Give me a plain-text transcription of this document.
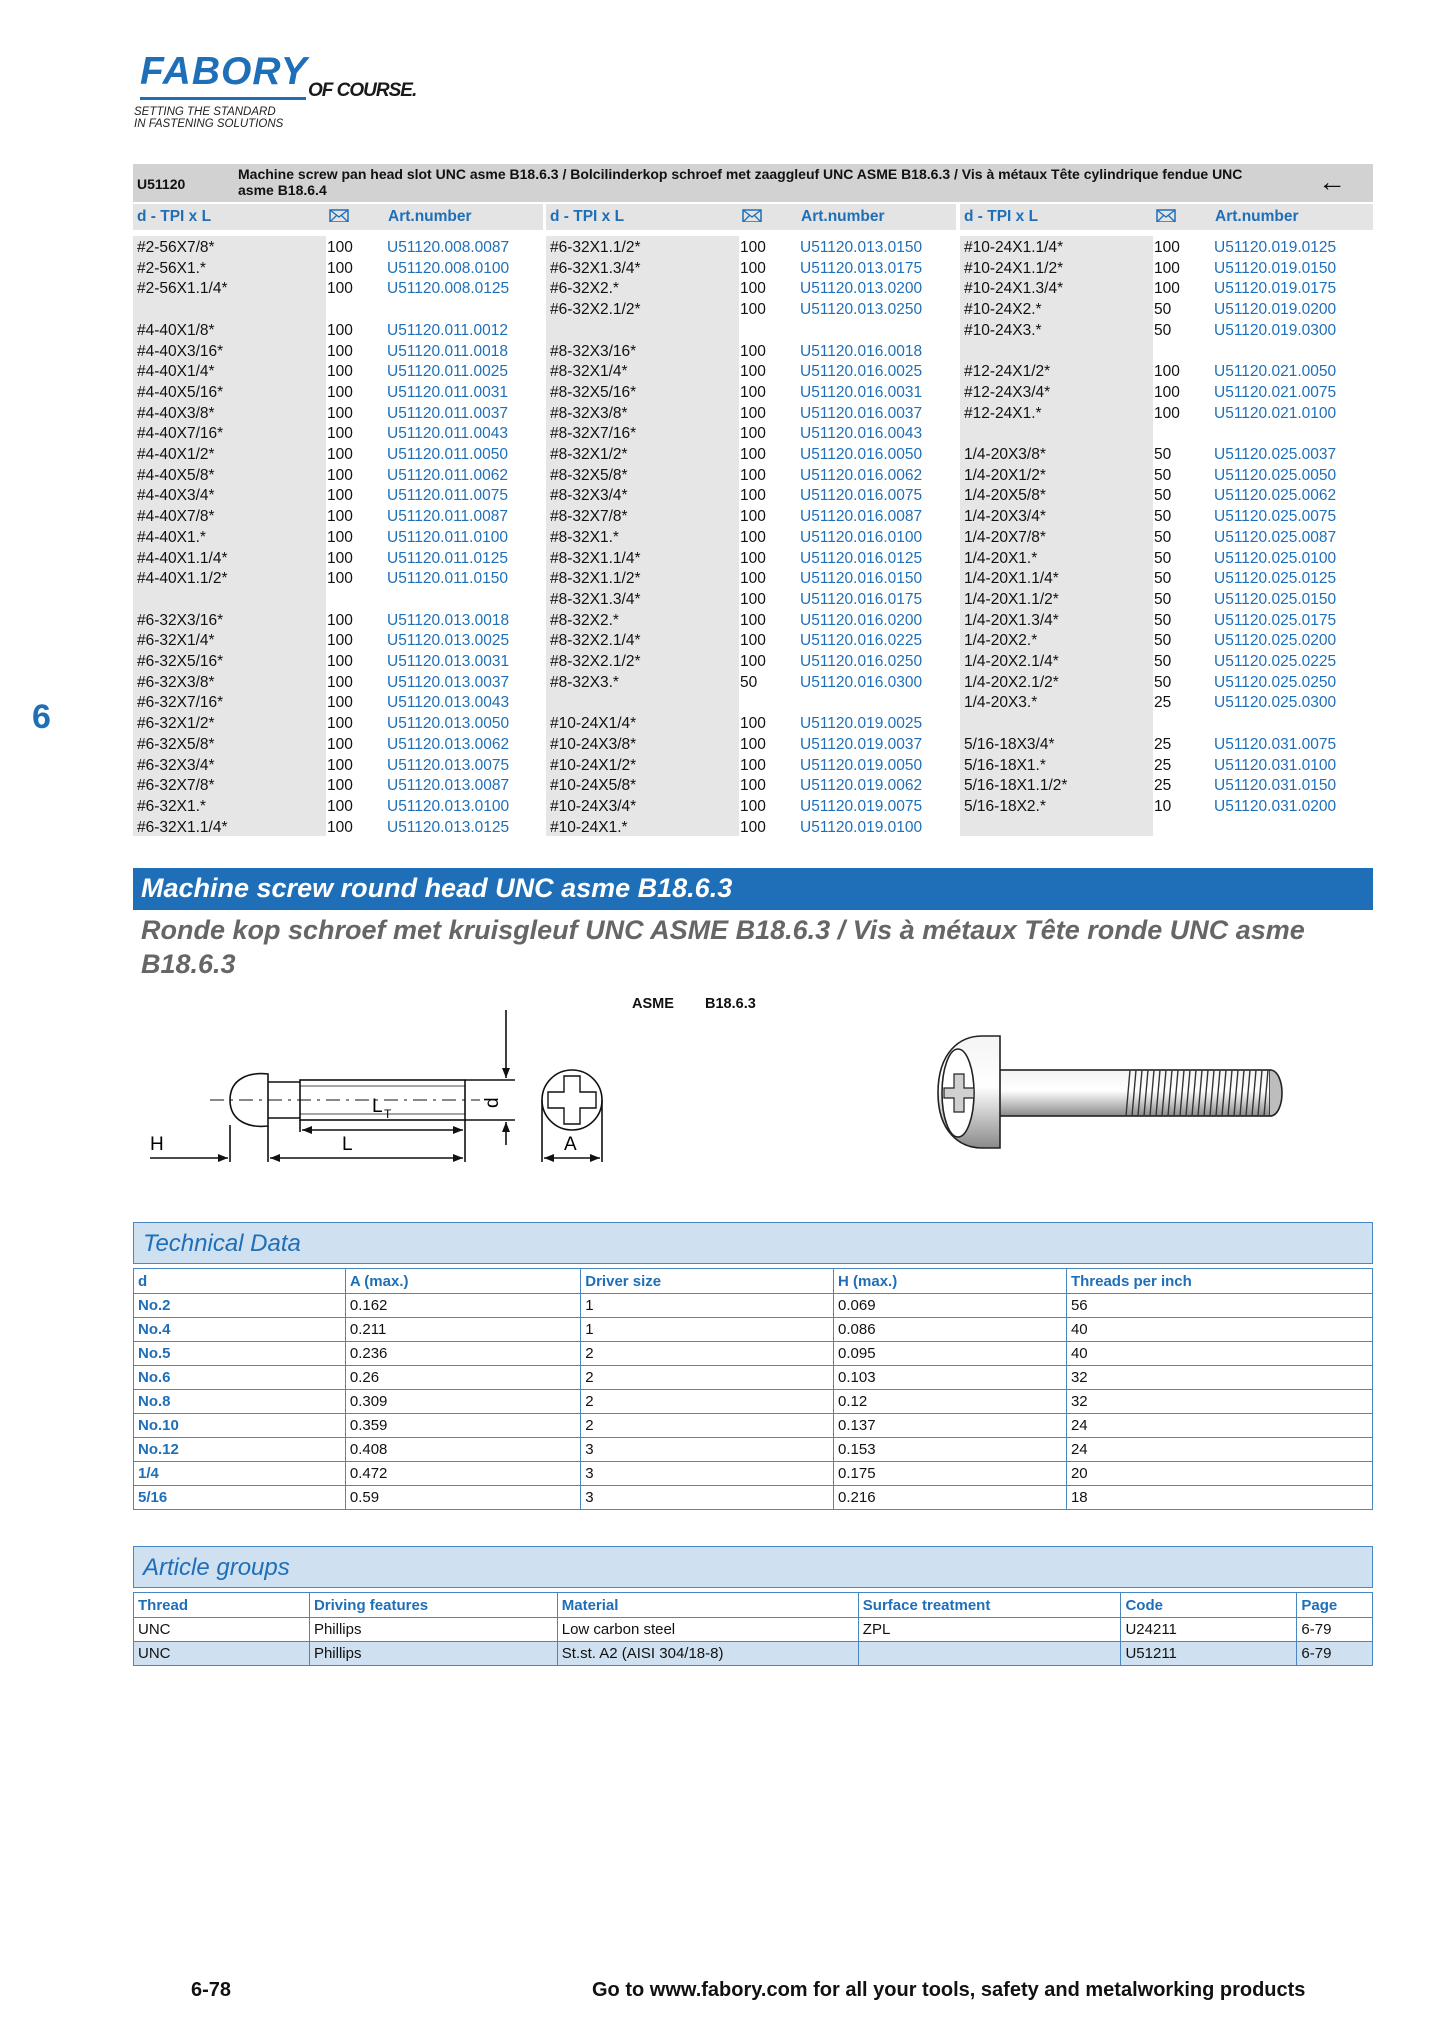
FABORY OF COURSE.
SETTING THE STANDARD
IN FASTENING SOLUTIONS
U51120
Machine screw pan head slot UNC asme B18.6.3 / Bolcilinderkop schroef met zaaggleuf UNC ASME B18.6.3 / Vis à métaux Tête cylindrique fendue UNC asme B18.6.4	←
d - TPI x L	Art.number
#2-56X7/8*	100 U51120.008.0087
#2-56X1.*	100 U51120.008.0100
#2-56X1.1/4*	100 U51120.008.0125
#4-40X1/8*	100 U51120.011.0012
#4-40X3/16*	100 U51120.011.0018
#4-40X1/4*	100 U51120.011.0025
#4-40X5/16*	100 U51120.011.0031
#4-40X3/8*	100 U51120.011.0037
#4-40X7/16*	100 U51120.011.0043
#4-40X1/2*	100 U51120.011.0050
#4-40X5/8*	100 U51120.011.0062
#4-40X3/4*	100 U51120.011.0075
#4-40X7/8*	100 U51120.011.0087
#4-40X1.*	100 U51120.011.0100
#4-40X1.1/4*	100 U51120.011.0125
#4-40X1.1/2*	100 U51120.011.0150
#6-32X3/16*	100 U51120.013.0018
#6-32X1/4*	100 U51120.013.0025
#6-32X5/16*	100 U51120.013.0031
#6-32X3/8*	100 U51120.013.0037
#6-32X7/16*	100 U51120.013.0043
#6-32X1/2*	100 U51120.013.0050
#6-32X5/8*	100 U51120.013.0062
#6-32X3/4*	100 U51120.013.0075
#6-32X7/8*	100 U51120.013.0087
#6-32X1.*	100 U51120.013.0100
#6-32X1.1/4*	100 U51120.013.0125
d - TPI x L	Art.number
#6-32X1.1/2*	100 U51120.013.0150
#6-32X1.3/4*	100 U51120.013.0175
#6-32X2.*	100 U51120.013.0200
#6-32X2.1/2*	100 U51120.013.0250
#8-32X3/16*	100 U51120.016.0018
#8-32X1/4*	100 U51120.016.0025
#8-32X5/16*	100 U51120.016.0031
#8-32X3/8*	100 U51120.016.0037
#8-32X7/16*	100 U51120.016.0043
#8-32X1/2*	100 U51120.016.0050
#8-32X5/8*	100 U51120.016.0062
#8-32X3/4*	100 U51120.016.0075
#8-32X7/8*	100 U51120.016.0087
#8-32X1.*	100 U51120.016.0100
#8-32X1.1/4*	100 U51120.016.0125
#8-32X1.1/2*	100 U51120.016.0150
#8-32X1.3/4*	100 U51120.016.0175
#8-32X2.*	100 U51120.016.0200
#8-32X2.1/4*	100 U51120.016.0225
#8-32X2.1/2*	100 U51120.016.0250
#8-32X3.*	50	U51120.016.0300
#10-24X1/4*	100 U51120.019.0025
#10-24X3/8*	100 U51120.019.0037
#10-24X1/2*	100 U51120.019.0050
#10-24X5/8*	100 U51120.019.0062
#10-24X3/4*	100 U51120.019.0075
#10-24X1.*	100 U51120.019.0100
d - TPI x L	Art.number
#10-24X1.1/4*	100 U51120.019.0125
#10-24X1.1/2*	100 U51120.019.0150
#10-24X1.3/4*	100 U51120.019.0175
#10-24X2.*	50	U51120.019.0200
#10-24X3.*	50	U51120.019.0300
#12-24X1/2*	100 U51120.021.0050
#12-24X3/4*	100 U51120.021.0075
#12-24X1.*	100 U51120.021.0100
1/4-20X3/8*	50	U51120.025.0037
1/4-20X1/2*	50	U51120.025.0050
1/4-20X5/8*	50	U51120.025.0062
1/4-20X3/4*	50	U51120.025.0075
1/4-20X7/8*	50	U51120.025.0087
1/4-20X1.*	50	U51120.025.0100
1/4-20X1.1/4*	50	U51120.025.0125
1/4-20X1.1/2*	50	U51120.025.0150
1/4-20X1.3/4*	50	U51120.025.0175
1/4-20X2.*	50	U51120.025.0200
1/4-20X2.1/4*	50	U51120.025.0225
1/4-20X2.1/2*	50	U51120.025.0250
1/4-20X3.*	25	U51120.025.0300
5/16-18X3/4*	25	U51120.031.0075
5/16-18X1.*	25	U51120.031.0100
5/16-18X1.1/2*	25	U51120.031.0150
5/16-18X2.*	10	U51120.031.0200
6
Machine screw round head UNC asme B18.6.3
Ronde kop schroef met kruisgleuf UNC ASME B18.6.3 / Vis à métaux Tête ronde UNC asme B18.6.3
ASME B18.6.3
H	L
L T
d
A
Technical Data
d	A (max.)	Driver size	H (max.)	Threads per inch
No.2	0.162	1	0.069	56
No.4	0.211	1	0.086	40
No.5	0.236	2	0.095	40
No.6	0.26	2	0.103	32
No.8	0.309	2	0.12	32
No.10	0.359	2	0.137	24
No.12	0.408	3	0.153	24
1/4	0.472	3	0.175	20
5/16	0.59	3	0.216	18
Article groups
Thread	Driving features	Material	Surface treatment	Code	Page
UNC	Phillips	Low carbon steel	ZPL	U24211	6-79
UNC	Phillips	St.st. A2 (AISI 304/18-8)		U51211	6-79
6-78	Go to www.fabory.com for all your tools, safety and metalworking products
